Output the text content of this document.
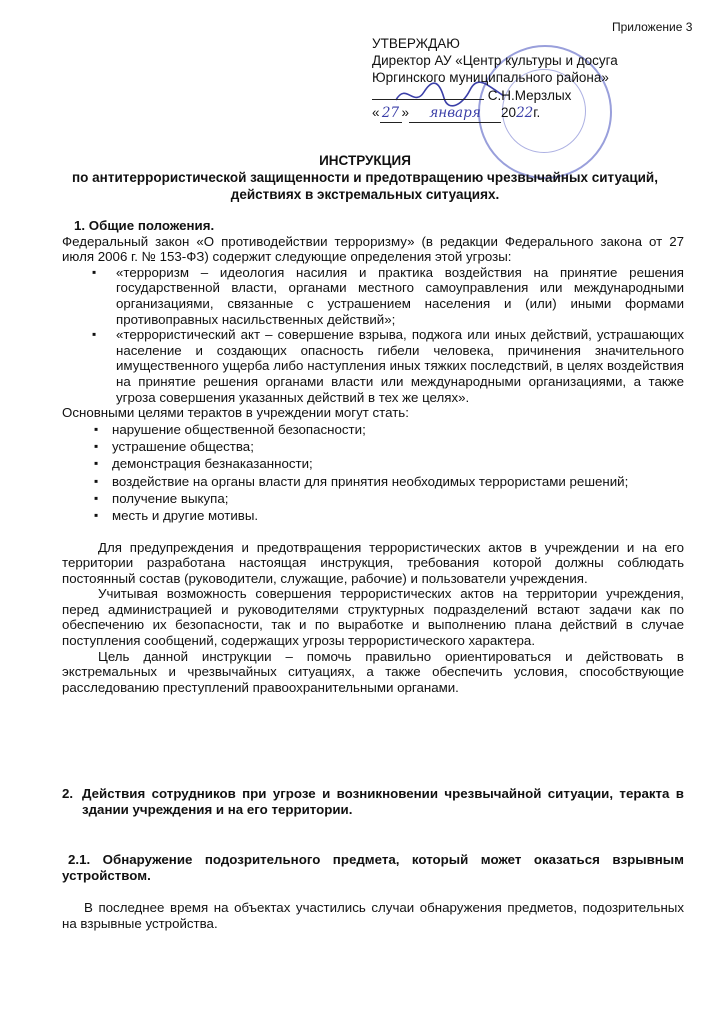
Приложение 3
УТВЕРЖДАЮ
Директор АУ «Центр культуры и досуга
Юргинского муниципального района»
С.Н.Мерзлых
« 27 » января 2022г.
ИНСТРУКЦИЯ
по антитеррористической защищенности и предотвращению чрезвычайных ситуаций,
действиях в экстремальных ситуациях.
1. Общие положения.
Федеральный закон «О противодействии терроризму» (в редакции Федерального закона от 27 июля 2006 г. № 153-ФЗ) содержит следующие определения этой угрозы:
▪ «терроризм – идеология насилия и практика воздействия на принятие решения государственной власти, органами местного самоуправления или международными организациями, связанные с устрашением населения и (или) иными формами противоправных насильственных действий»;
▪ «террористический акт – совершение взрыва, поджога или иных действий, устрашающих население и создающих опасность гибели человека, причинения значительного имущественного ущерба либо наступления иных тяжких последствий, в целях воздействия на принятие решения органами власти или международными организациями, а также угроза совершения указанных действий в тех же целях».
Основными целями терактов в учреждении могут стать:
▪ нарушение общественной безопасности;
▪ устрашение общества;
▪ демонстрация безнаказанности;
▪ воздействие на органы власти для принятия необходимых террористами решений;
▪ получение выкупа;
▪ месть и другие мотивы.
Для предупреждения и предотвращения террористических актов в учреждении и на его территории разработана настоящая инструкция, требования которой должны соблюдать постоянный состав (руководители, служащие, рабочие) и пользователи учреждения.
Учитывая возможность совершения террористических актов на территории учреждения, перед администрацией и руководителями структурных подразделений встают задачи как по обеспечению их безопасности, так и по выработке и выполнению плана действий в случае поступления сообщений, содержащих угрозы террористического характера.
Цель данной инструкции – помочь правильно ориентироваться и действовать в экстремальных и чрезвычайных ситуациях, а также обеспечить условия, способствующие расследованию преступлений правоохранительными органами.
2. Действия сотрудников при угрозе и возникновении чрезвычайной ситуации, теракта в здании учреждения и на его территории.
2.1. Обнаружение подозрительного предмета, который может оказаться взрывным устройством.
В последнее время на объектах участились случаи обнаружения предметов, подозрительных на взрывные устройства.
